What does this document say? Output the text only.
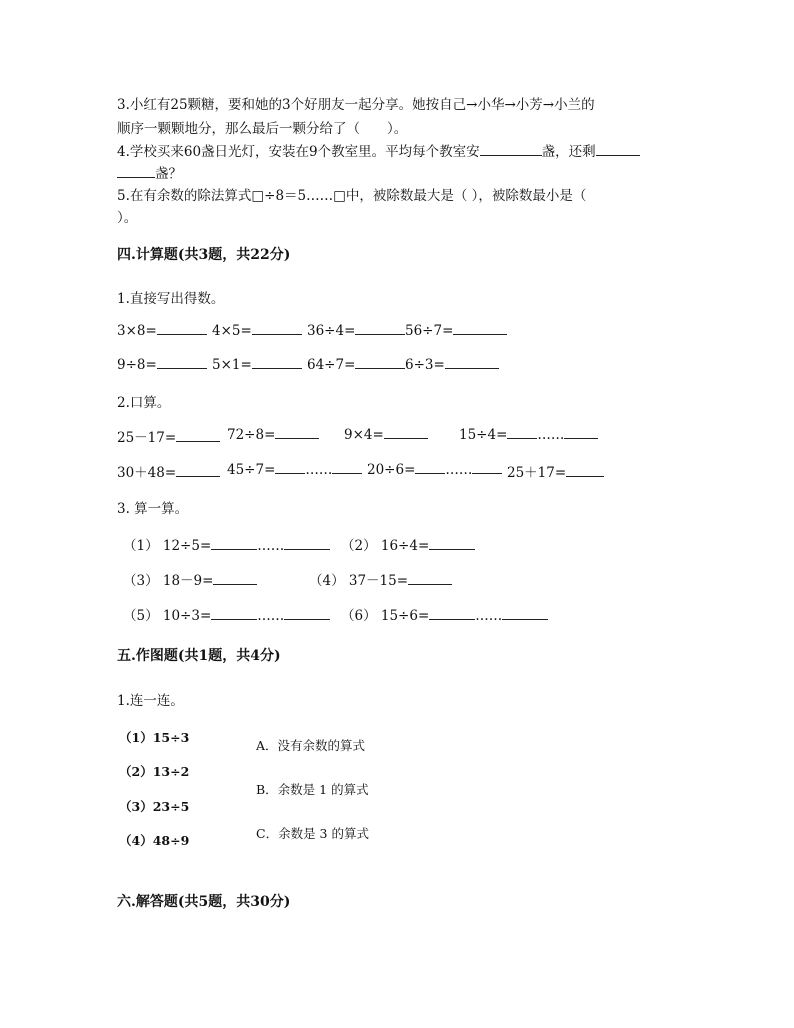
3.小红有25颗糖，要和她的3个好朋友一起分享。她按自己→小华→小芳→小兰的
顺序一颗颗地分，那么最后一颗分给了（　　）。
4.学校买来60盏日光灯，安装在9个教室里。平均每个教室安	盏，还剩
盏？
5.在有余数的除法算式□÷8＝5……□中，被除数最大是（ ），被除数最小是（
）。
四.计算题(共3题，共22分)
1.直接写出得数。
3×8=	4×5=	36÷4=	56÷7=
9÷8=	5×1=	64÷7=	6÷3=
2.口算。
25－17=	72÷8=	9×4=	15÷4= ……
30＋48=	45÷7= ……	20÷6= ……	25＋17=
3. 算一算。
（1） 12÷5=	……	（2） 16÷4=
（3） 18－9=	（4） 37－15=
（5） 10÷3=	……	（6） 15÷6=	……
五.作图题(共1题，共4分)
1.连一连。
（1）15÷3
（2）13÷2
（3）23÷5
（4）48÷9
A．没有余数的算式
B．余数是 1 的算式
C．余数是 3 的算式
六.解答题(共5题，共30分)
